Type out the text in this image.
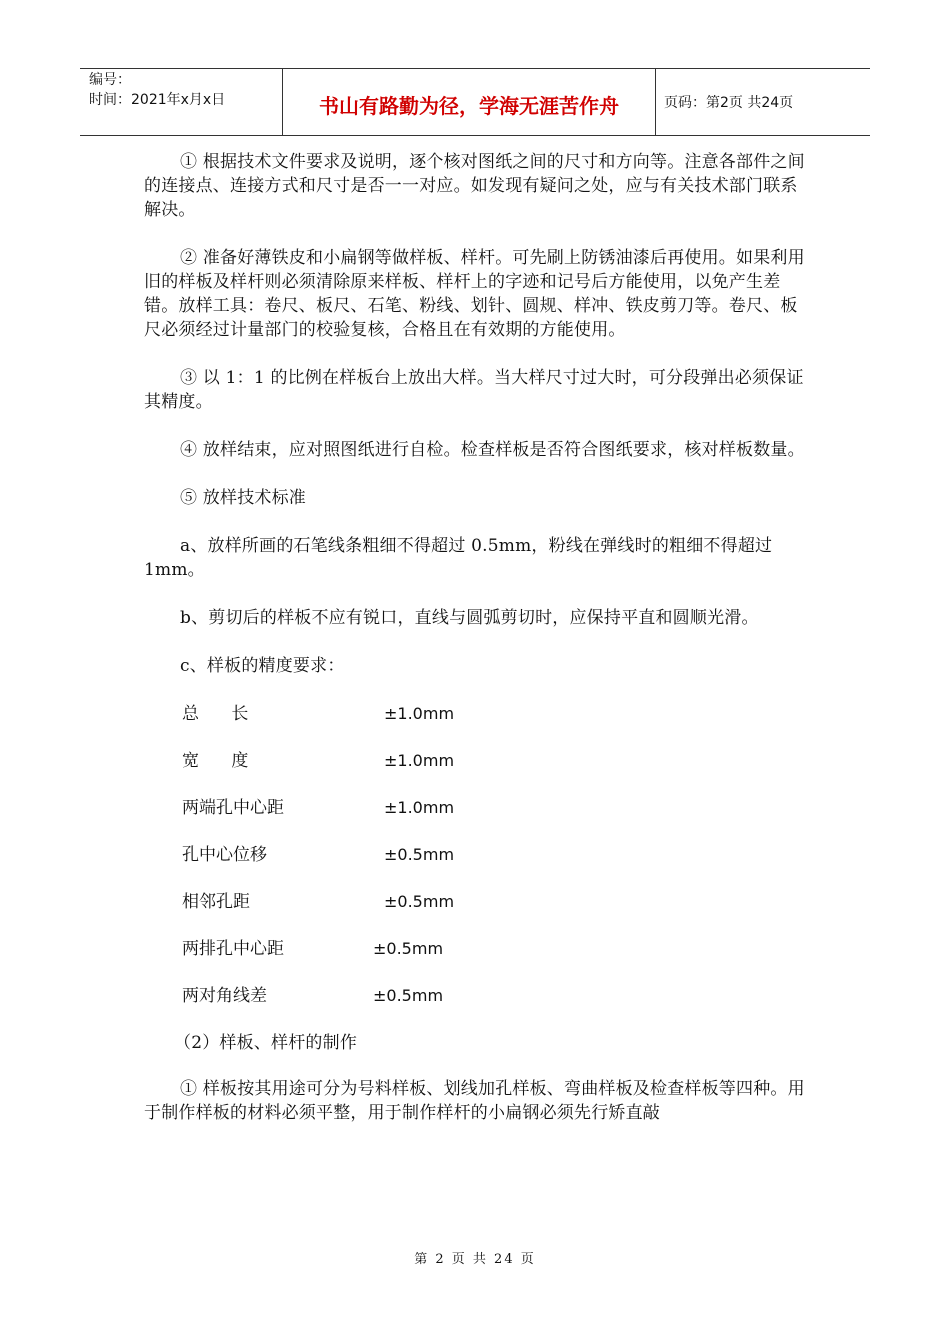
编号：
时间：2021年x月x日	书山有路勤为径，学海无涯苦作舟	页码：第2页 共24页

① 根据技术文件要求及说明，逐个核对图纸之间的尺寸和方向等。注意各部件之间的连接点、连接方式和尺寸是否一一对应。如发现有疑问之处，应与有关技术部门联系解决。

② 准备好薄铁皮和小扁钢等做样板、样杆。可先刷上防锈油漆后再使用。如果利用旧的样板及样杆则必须清除原来样板、样杆上的字迹和记号后方能使用，以免产生差错。放样工具：卷尺、板尺、石笔、粉线、划针、圆规、样冲、铁皮剪刀等。卷尺、板尺必须经过计量部门的校验复核，合格且在有效期的方能使用。

③ 以 1：1 的比例在样板台上放出大样。当大样尺寸过大时，可分段弹出必须保证其精度。

④ 放样结束，应对照图纸进行自检。检查样板是否符合图纸要求，核对样板数量。

⑤ 放样技术标准

a、放样所画的石笔线条粗细不得超过 0.5mm，粉线在弹线时的粗细不得超过 1mm。

b、剪切后的样板不应有锐口，直线与圆弧剪切时，应保持平直和圆顺光滑。

c、样板的精度要求：

总      长	±1.0mm
宽      度	±1.0mm
两端孔中心距	±1.0mm
孔中心位移	±0.5mm
相邻孔距	±0.5mm
两排孔中心距	±0.5mm
两对角线差	±0.5mm

（2）样板、样杆的制作

① 样板按其用途可分为号料样板、划线加孔样板、弯曲样板及检查样板等四种。用于制作样板的材料必须平整，用于制作样杆的小扁钢必须先行矫直敲

第 2 页 共 24 页
